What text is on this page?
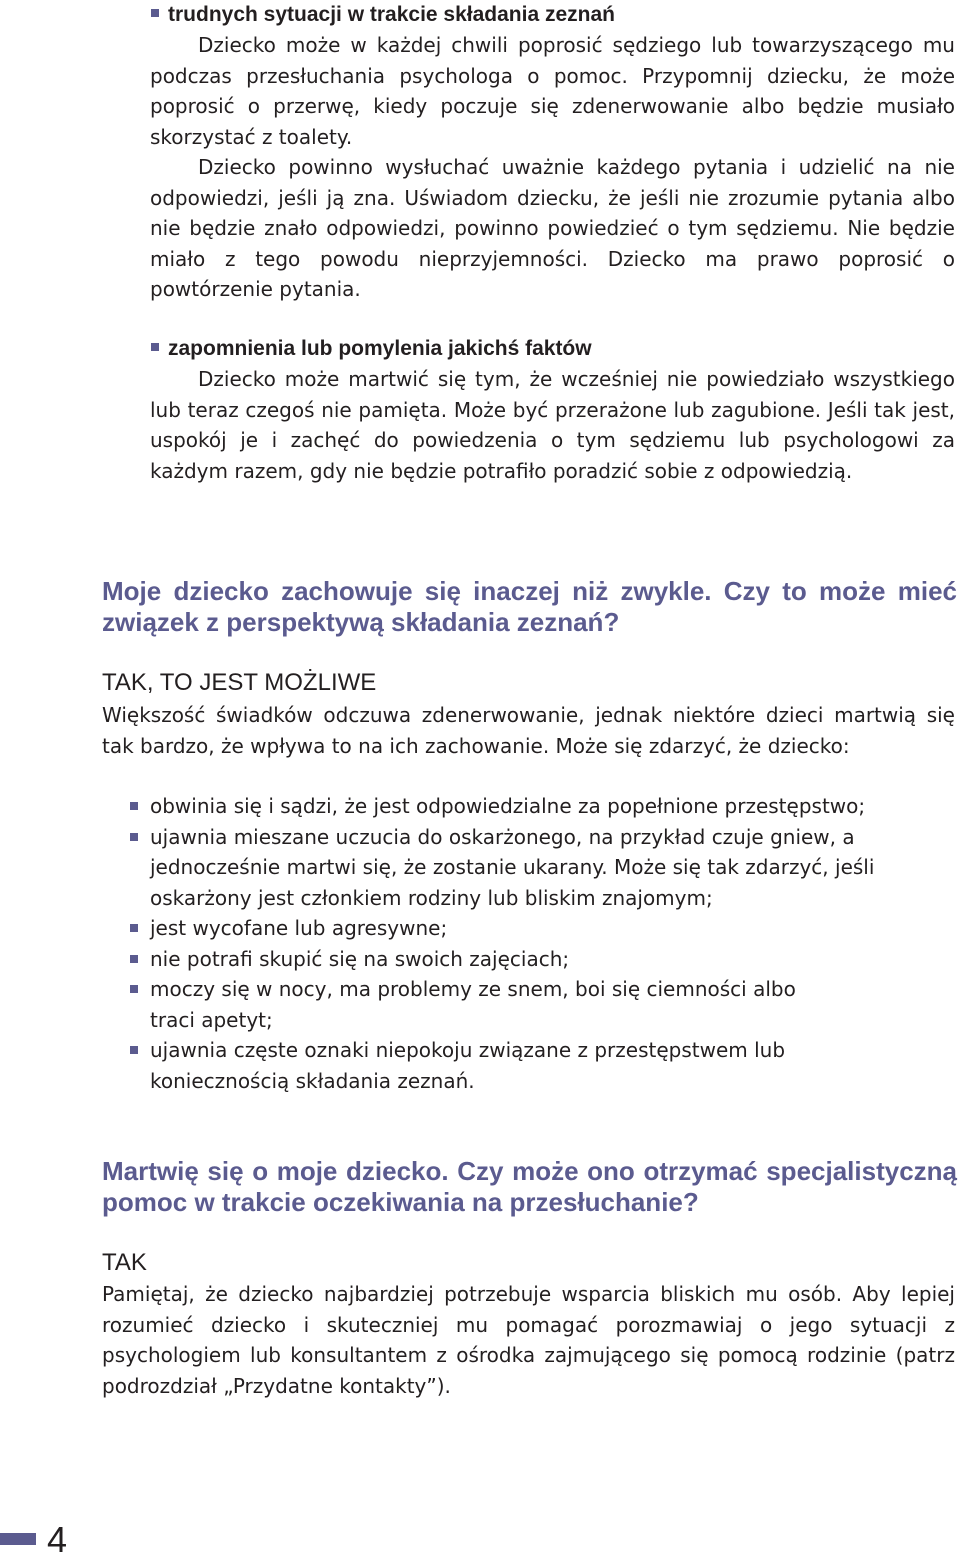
trudnych sytuacji w trakcie składania zeznań

Dziecko może w każdej chwili poprosić sędziego lub towarzyszącego mu podczas przesłuchania psychologa o pomoc. Przypomnij dziecku, że może poprosić o przerwę, kiedy poczuje się zdenerwowanie albo będzie musiało skorzystać z toalety.

Dziecko powinno wysłuchać uważnie każdego pytania i udzielić na nie odpowiedzi, jeśli ją zna. Uświadom dziecku, że jeśli nie zrozumie pytania albo nie będzie znało odpowiedzi, powinno powiedzieć o tym sędziemu. Nie będzie miało z tego powodu nieprzyjemności. Dziecko ma prawo poprosić o powtórzenie pytania.

zapomnienia lub pomylenia jakichś faktów

Dziecko może martwić się tym, że wcześniej nie powiedziało wszystkiego lub teraz czegoś nie pamięta. Może być przerażone lub zagubione. Jeśli tak jest, uspokój je i zachęć do powiedzenia o tym sędziemu lub psychologowi za każdym razem, gdy nie będzie potrafiło poradzić sobie z odpowiedzią.

Moje dziecko zachowuje się inaczej niż zwykle. Czy to może mieć związek z perspektywą składania zeznań?

TAK, TO JEST MOŻLIWE

Większość świadków odczuwa zdenerwowanie, jednak niektóre dzieci martwią się tak bardzo, że wpływa to na ich zachowanie. Może się zdarzyć, że dziecko:

obwinia się i sądzi, że jest odpowiedzialne za popełnione przestępstwo;
ujawnia mieszane uczucia do oskarżonego, na przykład czuje gniew, a jednocześnie martwi się, że zostanie ukarany. Może się tak zdarzyć, jeśli oskarżony jest członkiem rodziny lub bliskim znajomym;
jest wycofane lub agresywne;
nie potrafi skupić się na swoich zajęciach;
moczy się w nocy, ma problemy ze snem, boi się ciemności albo traci apetyt;
ujawnia częste oznaki niepokoju związane z przestępstwem lub koniecznością składania zeznań.
Martwię się o moje dziecko. Czy może ono otrzymać specjalistyczną pomoc w trakcie oczekiwania na przesłuchanie?

TAK

Pamiętaj, że dziecko najbardziej potrzebuje wsparcia bliskich mu osób. Aby lepiej rozumieć dziecko i skuteczniej mu pomagać porozmawiaj o jego sytuacji z psychologiem lub konsultantem z ośrodka zajmującego się pomocą rodzinie (patrz podrozdział „Przydatne kontakty”).

4
